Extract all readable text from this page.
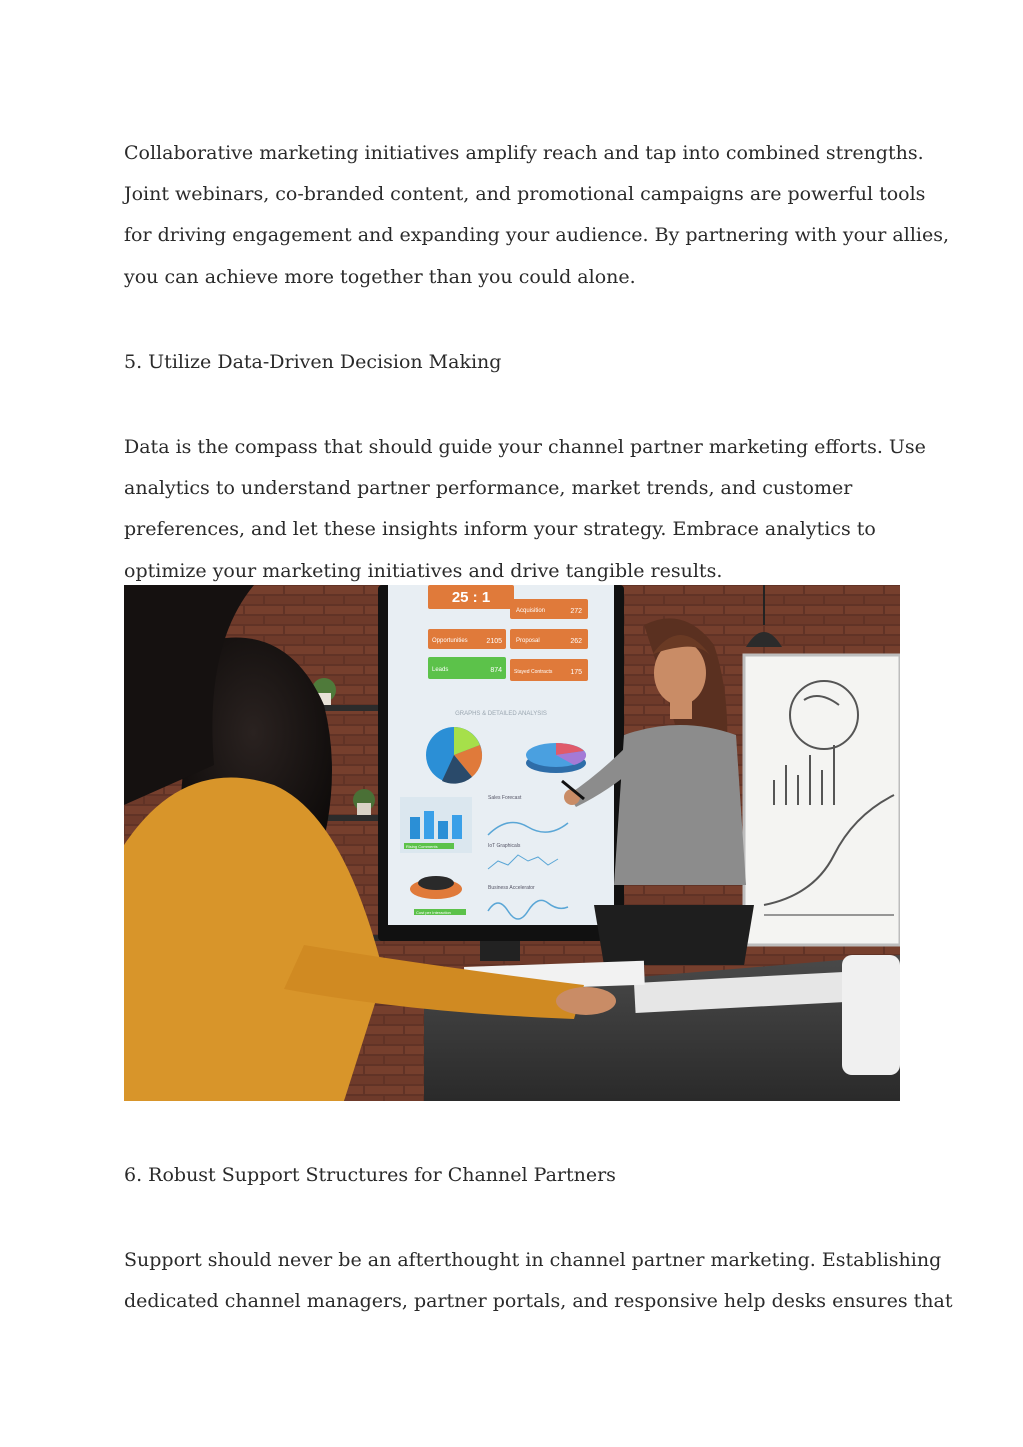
Collaborative marketing initiatives amplify reach and tap into combined strengths.
Joint webinars, co-branded content, and promotional campaigns are powerful tools
for driving engagement and expanding your audience. By partnering with your allies,
you can achieve more together than you could alone.

5. Utilize Data-Driven Decision Making

Data is the compass that should guide your channel partner marketing efforts. Use
analytics to understand partner performance, market trends, and customer
preferences, and let these insights inform your strategy. Embrace analytics to
optimize your marketing initiatives and drive tangible results.

25 : 1
Acquisition	272
Opportunities	2105 Proposal	262
Leads	874 Stayed Contracts	175
GRAPHS & DETAILED ANALYSIS
Rising Comments
Sales Forecast
IoT Graphicals
Business Accelerator
Cost per Interaction
6. Robust Support Structures for Channel Partners

Support should never be an afterthought in channel partner marketing. Establishing
dedicated channel managers, partner portals, and responsive help desks ensures that
